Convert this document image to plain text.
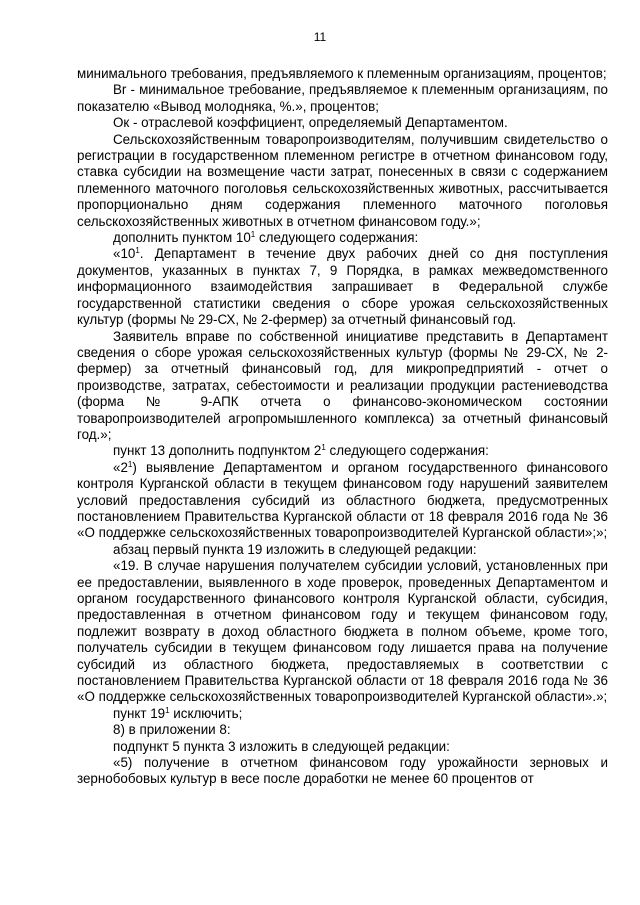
11

минимального требования, предъявляемого к племенным организациям, процентов;

Br - минимальное требование, предъявляемое к племенным организациям, по показателю «Вывод молодняка, %.», процентов;

Ок - отраслевой коэффициент, определяемый Департаментом.

Сельскохозяйственным товаропроизводителям, получившим свидетельство о регистрации в государственном племенном регистре в отчетном финансовом году, ставка субсидии на возмещение части затрат, понесенных в связи с содержанием племенного маточного поголовья сельскохозяйственных животных, рассчитывается пропорционально дням содержания племенного маточного поголовья сельскохозяйственных животных в отчетном финансовом году.»;

дополнить пунктом $10^1$ следующего содержания:

«$10^1$. Департамент в течение двух рабочих дней со дня поступления документов, указанных в пунктах 7, 9 Порядка, в рамках межведомственного информационного взаимодействия запрашивает в Федеральной службе государственной статистики сведения о сборе урожая сельскохозяйственных культур (формы № 29-СХ, № 2-фермер) за отчетный финансовый год.

Заявитель вправе по собственной инициативе представить в Департамент сведения о сборе урожая сельскохозяйственных культур (формы № 29-СХ, № 2-фермер) за отчетный финансовый год, для микропредприятий - отчет о производстве, затратах, себестоимости и реализации продукции растениеводства (форма № 9-АПК отчета о финансово-экономическом состоянии товаропроизводителей агропромышленного комплекса) за отчетный финансовый год.»;

пункт 13 дополнить подпунктом $2^1$ следующего содержания:

«$2^1$) выявление Департаментом и органом государственного финансового контроля Курганской области в текущем финансовом году нарушений заявителем условий предоставления субсидий из областного бюджета, предусмотренных постановлением Правительства Курганской области от 18 февраля 2016 года № 36 «О поддержке сельскохозяйственных товаропроизводителей Курганской области»;»;

абзац первый пункта 19 изложить в следующей редакции:

«19. В случае нарушения получателем субсидии условий, установленных при ее предоставлении, выявленного в ходе проверок, проведенных Департаментом и органом государственного финансового контроля Курганской области, субсидия, предоставленная в отчетном финансовом году и текущем финансовом году, подлежит возврату в доход областного бюджета в полном объеме, кроме того, получатель субсидии в текущем финансовом году лишается права на получение субсидий из областного бюджета, предоставляемых в соответствии с постановлением Правительства Курганской области от 18 февраля 2016 года № 36 «О поддержке сельскохозяйственных товаропроизводителей Курганской области».»;

пункт $19^1$ исключить;

8) в приложении 8:

подпункт 5 пункта 3 изложить в следующей редакции:

«5) получение в отчетном финансовом году урожайности зерновых и зернобобовых культур в весе после доработки не менее 60 процентов от
